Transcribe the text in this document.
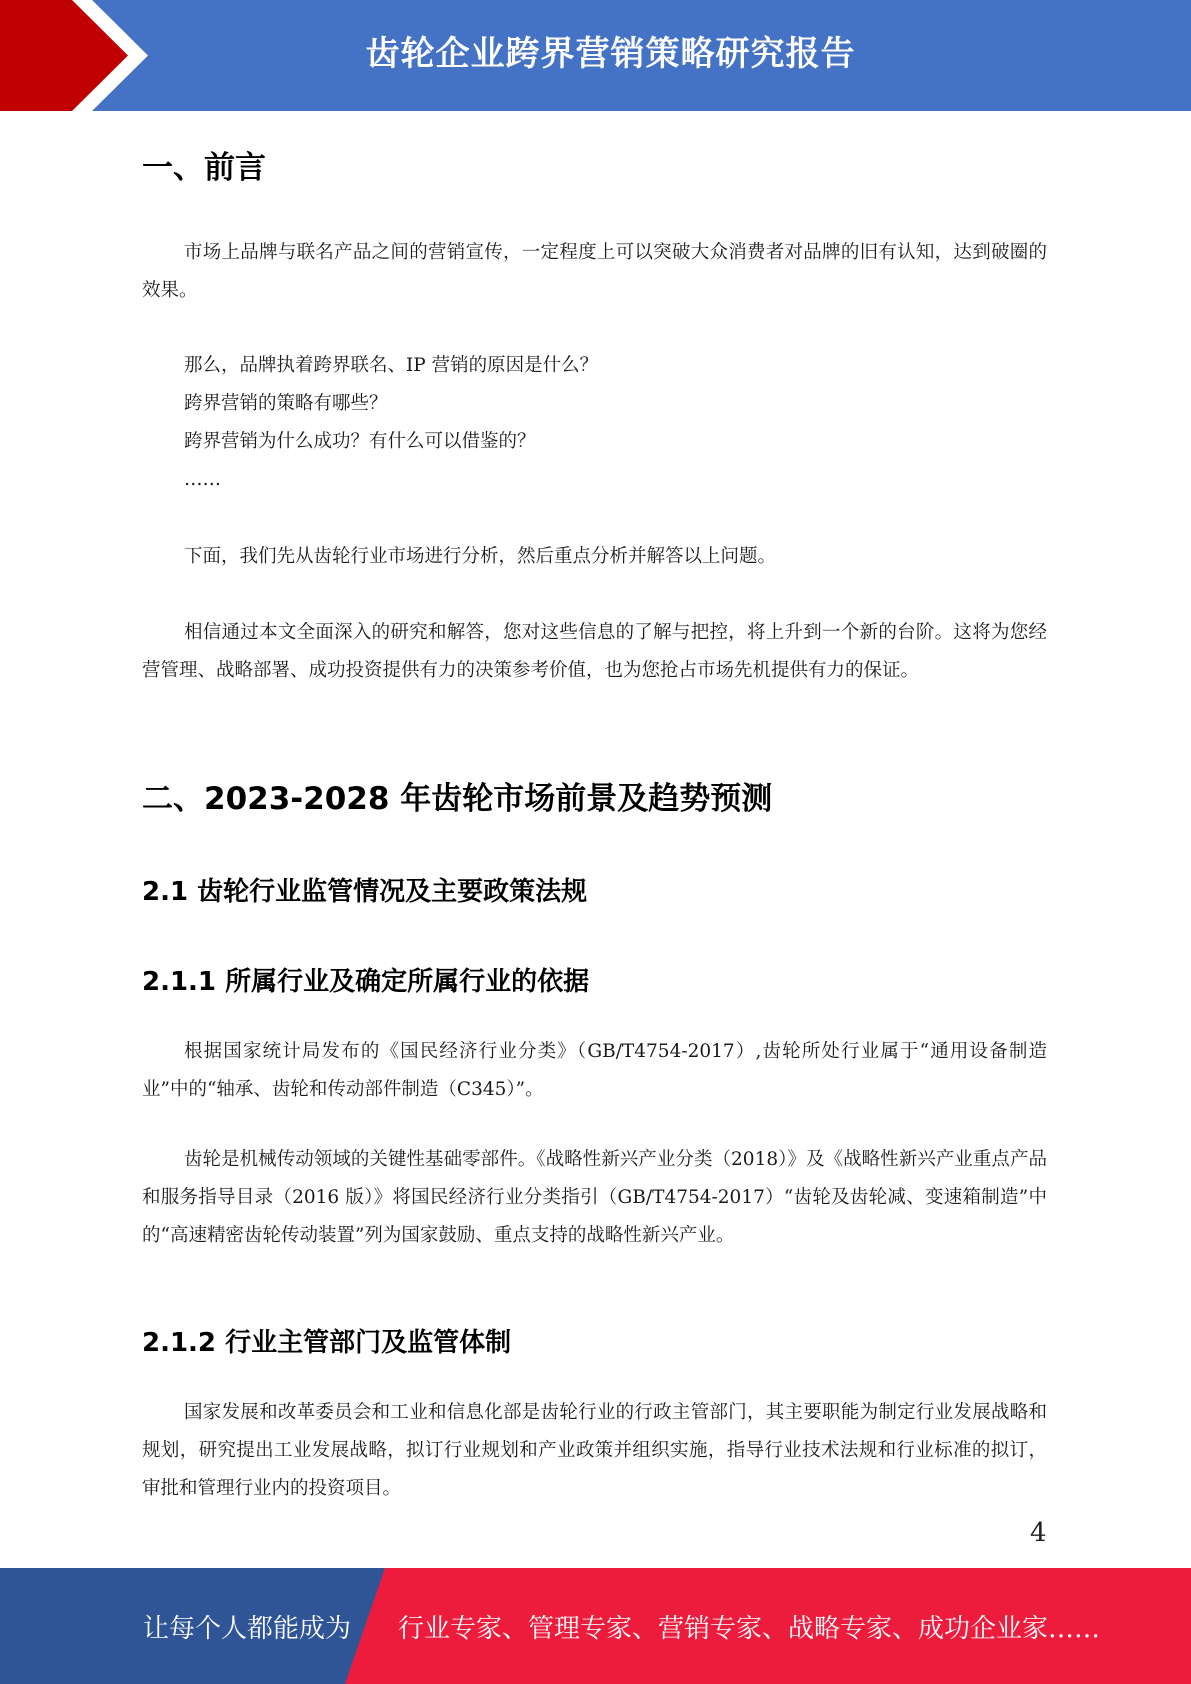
齿轮企业跨界营销策略研究报告
一、前言

市场上品牌与联名产品之间的营销宣传，一定程度上可以突破大众消费者对品牌的旧有认知，达到破圈的效果。

那么，品牌执着跨界联名、IP 营销的原因是什么？
跨界营销的策略有哪些？
跨界营销为什么成功？有什么可以借鉴的？
……

下面，我们先从齿轮行业市场进行分析，然后重点分析并解答以上问题。

相信通过本文全面深入的研究和解答，您对这些信息的了解与把控，将上升到一个新的台阶。这将为您经营管理、战略部署、成功投资提供有力的决策参考价值，也为您抢占市场先机提供有力的保证。

二、2023-2028 年齿轮市场前景及趋势预测
2.1 齿轮行业监管情况及主要政策法规
2.1.1 所属行业及确定所属行业的依据

根据国家统计局发布的《国民经济行业分类》（GB/T4754-2017）,齿轮所处行业属于“通用设备制造业”中的“轴承、齿轮和传动部件制造（C345）”。

齿轮是机械传动领域的关键性基础零部件。《战略性新兴产业分类（2018）》及《战略性新兴产业重点产品和服务指导目录（2016 版）》将国民经济行业分类指引（GB/T4754-2017）“齿轮及齿轮减、变速箱制造”中的“高速精密齿轮传动装置”列为国家鼓励、重点支持的战略性新兴产业。

2.1.2 行业主管部门及监管体制

国家发展和改革委员会和工业和信息化部是齿轮行业的行政主管部门，其主要职能为制定行业发展战略和规划，研究提出工业发展战略，拟订行业规划和产业政策并组织实施，指导行业技术法规和行业标准的拟订，审批和管理行业内的投资项目。

4
让每个人都能成为 行业专家、管理专家、营销专家、战略专家、成功企业家……
